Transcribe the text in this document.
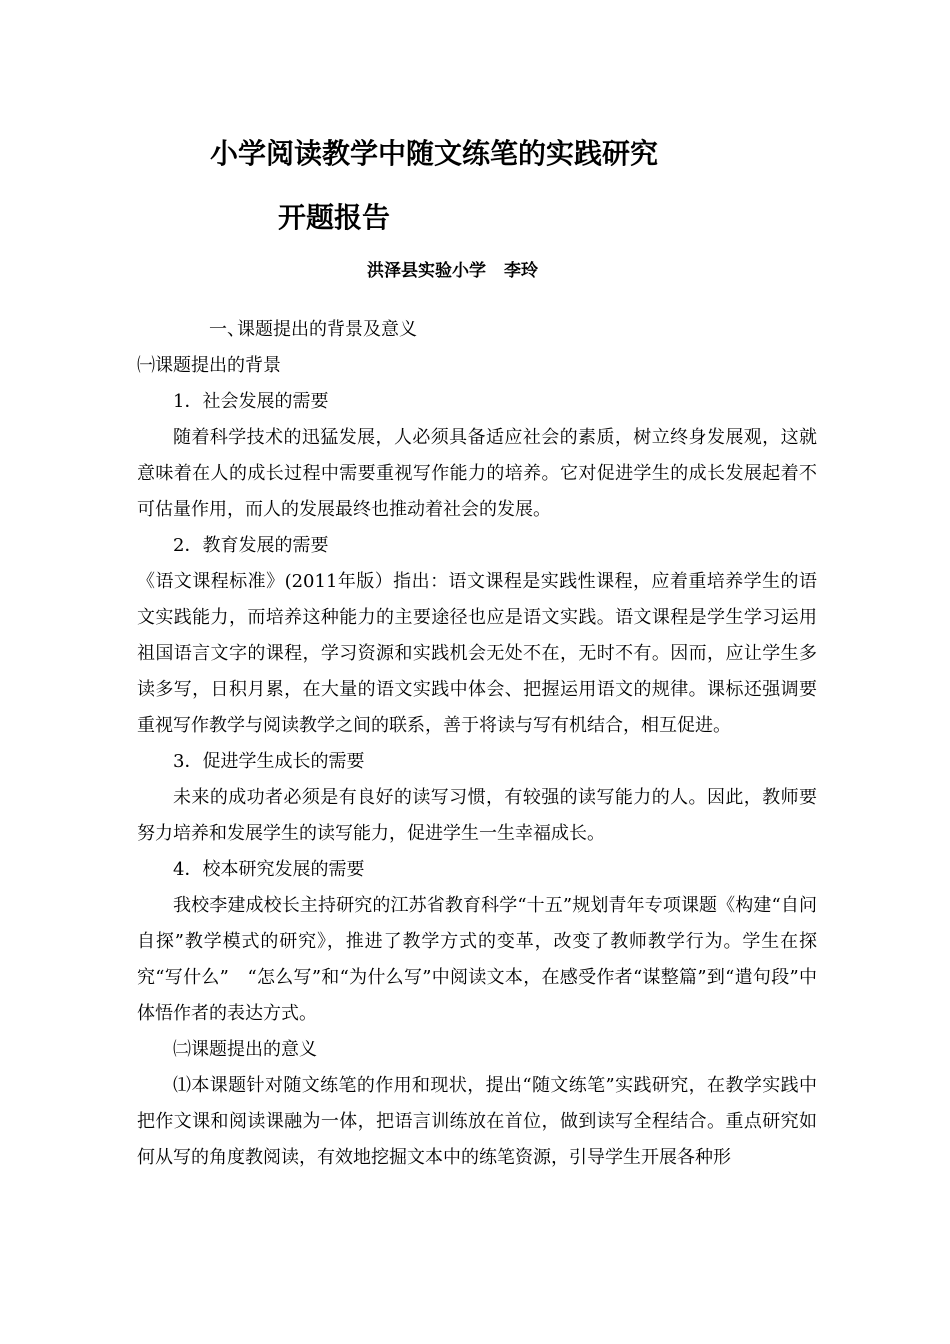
小学阅读教学中随文练笔的实践研究
开题报告

洪泽县实验小学 李玲

一、课题提出的背景及意义

㈠课题提出的背景

1．社会发展的需要

随着科学技术的迅猛发展，人必须具备适应社会的素质，树立终身发展观，这就意味着在人的成长过程中需要重视写作能力的培养。它对促进学生的成长发展起着不可估量作用，而人的发展最终也推动着社会的发展。

2．教育发展的需要

《语文课程标准》(2011年版）指出：语文课程是实践性课程，应着重培养学生的语文实践能力，而培养这种能力的主要途径也应是语文实践。语文课程是学生学习运用祖国语言文字的课程，学习资源和实践机会无处不在，无时不有。因而，应让学生多读多写，日积月累，在大量的语文实践中体会、把握运用语文的规律。课标还强调要重视写作教学与阅读教学之间的联系，善于将读与写有机结合，相互促进。

3．促进学生成长的需要

未来的成功者必须是有良好的读写习惯，有较强的读写能力的人。因此，教师要努力培养和发展学生的读写能力，促进学生一生幸福成长。

4．校本研究发展的需要

我校李建成校长主持研究的江苏省教育科学“十五”规划青年专项课题《构建“自问自探”教学模式的研究》，推进了教学方式的变革，改变了教师教学行为。学生在探究“写什么”　“怎么写”和“为什么写”中阅读文本，在感受作者“谋整篇”到“遣句段”中体悟作者的表达方式。

㈡课题提出的意义

⑴本课题针对随文练笔的作用和现状，提出“随文练笔”实践研究，在教学实践中把作文课和阅读课融为一体，把语言训练放在首位，做到读写全程结合。重点研究如何从写的角度教阅读，有效地挖掘文本中的练笔资源，引导学生开展各种形
